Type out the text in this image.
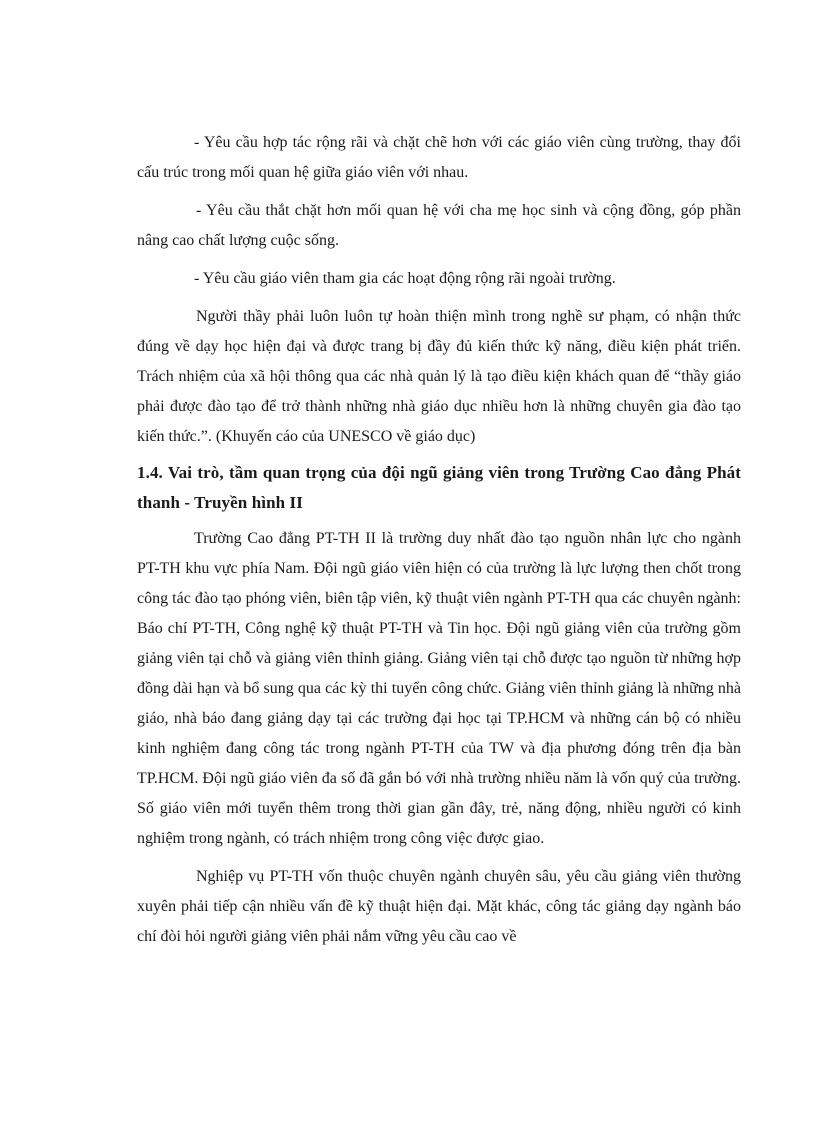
- Yêu cầu hợp tác rộng rãi và chặt chẽ hơn với các giáo viên cùng trường, thay đổi cấu trúc trong mối quan hệ giữa giáo viên với nhau.

- Yêu cầu thắt chặt hơn mối quan hệ với cha mẹ học sinh và cộng đồng, góp phần nâng cao chất lượng cuộc sống.

- Yêu cầu giáo viên tham gia các hoạt động rộng rãi ngoài trường.

Người thầy phải luôn luôn tự hoàn thiện mình trong nghề sư phạm, có nhận thức đúng về dạy học hiện đại và được trang bị đầy đủ kiến thức kỹ năng, điều kiện phát triển. Trách nhiệm của xã hội thông qua các nhà quản lý là tạo điều kiện khách quan để “thầy giáo phải được đào tạo để trở thành những nhà giáo dục nhiều hơn là những chuyên gia đào tạo kiến thức.”. (Khuyến cáo của UNESCO về giáo dục)

1.4. Vai trò, tầm quan trọng của đội ngũ giảng viên trong Trường Cao đẳng Phát thanh - Truyền hình II

Trường Cao đẳng PT-TH II là trường duy nhất đào tạo nguồn nhân lực cho ngành PT-TH khu vực phía Nam. Đội ngũ giáo viên hiện có của trường là lực lượng then chốt trong công tác đào tạo phóng viên, biên tập viên, kỹ thuật viên ngành PT-TH qua các chuyên ngành: Báo chí PT-TH, Công nghệ kỹ thuật PT-TH và Tin học. Đội ngũ giảng viên của trường gồm giảng viên tại chỗ và giảng viên thỉnh giảng. Giảng viên tại chỗ được tạo nguồn từ những hợp đồng dài hạn và bổ sung qua các kỳ thi tuyển công chức. Giảng viên thỉnh giảng là những nhà giáo, nhà báo đang giảng dạy tại các trường đại học tại TP.HCM và những cán bộ có nhiều kinh nghiệm đang công tác trong ngành PT-TH của TW và địa phương đóng trên địa bàn TP.HCM. Đội ngũ giáo viên đa số đã gắn bó với nhà trường nhiều năm là vốn quý của trường. Số giáo viên mới tuyển thêm trong thời gian gần đây, trẻ, năng động, nhiều người có kinh nghiệm trong ngành, có trách nhiệm trong công việc được giao.

Nghiệp vụ PT-TH vốn thuộc chuyên ngành chuyên sâu, yêu cầu giảng viên thường xuyên phải tiếp cận nhiều vấn đề kỹ thuật hiện đại. Mặt khác, công tác giảng dạy ngành báo chí đòi hỏi người giảng viên phải nắm vững yêu cầu cao về
